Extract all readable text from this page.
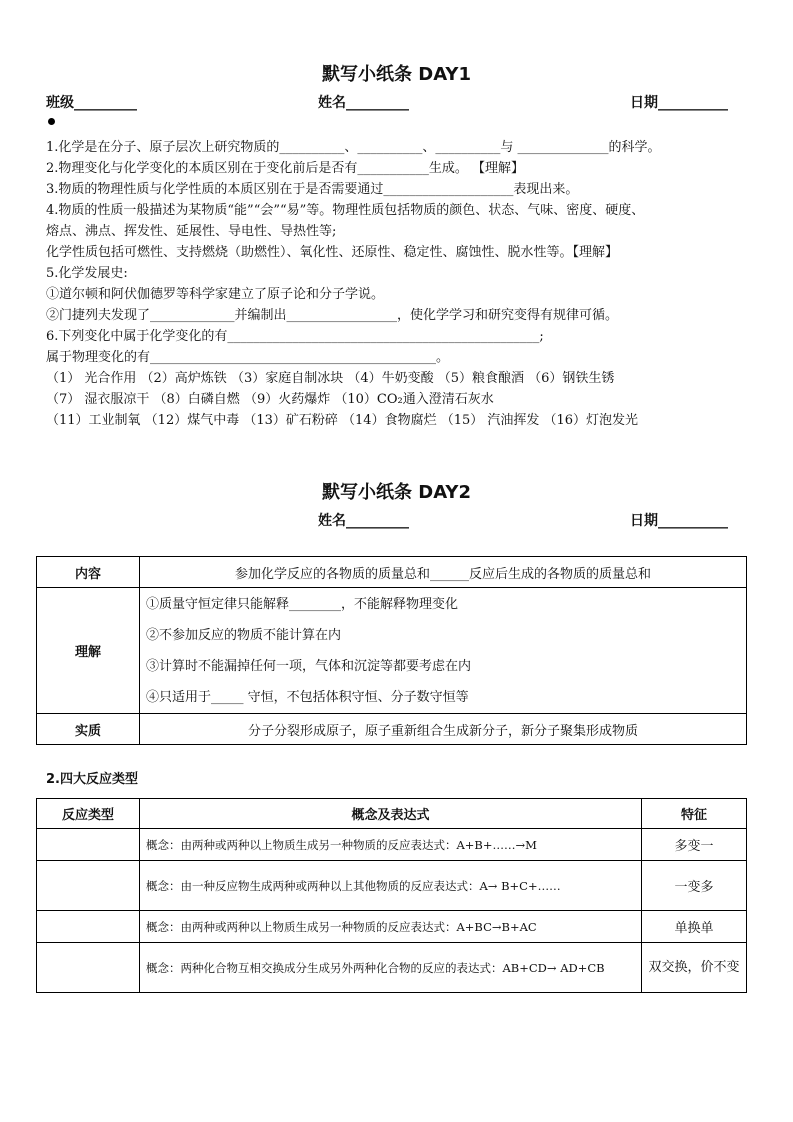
默写小纸条 DAY1
班级_________	姓名_________	日期__________
1.化学是在分子、原子层次上研究物质的__________、__________、__________与 ______________的科学。
2.物理变化与化学变化的本质区别在于变化前后是否有___________生成。 【理解】
3.物质的物理性质与化学性质的本质区别在于是否需要通过____________________表现出来。
4.物质的性质一般描述为某物质“能”“会”“易”等。物理性质包括物质的颜色、状态、气味、密度、硬度、
熔点、沸点、挥发性、延展性、导电性、导热性等;
化学性质包括可燃性、支持燃烧（助燃性）、氧化性、还原性、稳定性、腐蚀性、脱水性等。【理解】
5.化学发展史:
①道尔顿和阿伏伽德罗等科学家建立了原子论和分子学说。
②门捷列夫发现了_____________并编制出_________________，使化学学习和研究变得有规律可循。
6.下列变化中属于化学变化的有________________________________________________;
属于物理变化的有____________________________________________。
（1） 光合作用 （2）高炉炼铁 （3）家庭自制冰块 （4）牛奶变酸 （5）粮食酿酒 （6）钢铁生锈
（7） 湿衣服凉干 （8）白磷自燃 （9）火药爆炸 （10）CO₂通入澄清石灰水
（11）工业制氧 （12）煤气中毒 （13）矿石粉碎 （14）食物腐烂 （15） 汽油挥发 （16）灯泡发光
默写小纸条 DAY2
姓名_________	日期__________
内容	参加化学反应的各物质的质量总和______反应后生成的各物质的质量总和
理解	①质量守恒定律只能解释________，不能解释物理变化
②不参加反应的物质不能计算在内
③计算时不能漏掉任何一项，气体和沉淀等都要考虑在内
④只适用于_____ 守恒，不包括体积守恒、分子数守恒等

实质	分子分裂形成原子，原子重新组合生成新分子，新分子聚集形成物质
2.四大反应类型
反应类型	概念及表达式	特征
	概念：由两种或两种以上物质生成另一种物质的反应表达式：A+B+……→M	多变一
	概念：由一种反应物生成两种或两种以上其他物质的反应表达式：A→ B+C+……	一变多
	概念：由两种或两种以上物质生成另一种物质的反应表达式：A+BC→B+AC	单换单
	概念：两种化合物互相交换成分生成另外两种化合物的反应的表达式：AB+CD→ AD+CB	双交换，价不变
